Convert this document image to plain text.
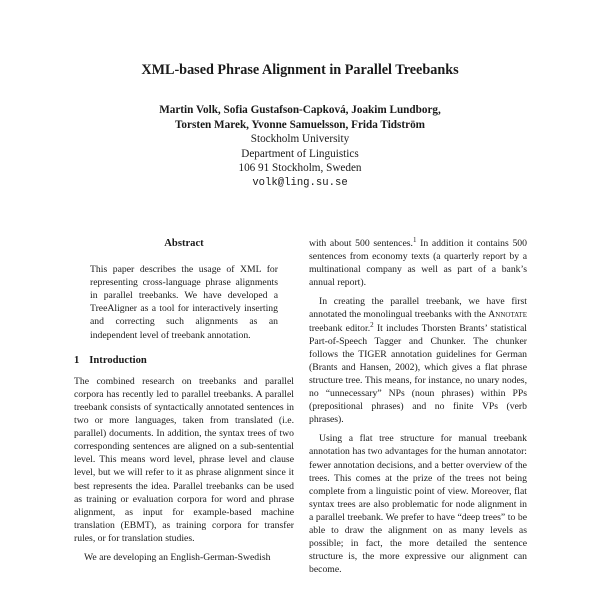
XML-based Phrase Alignment in Parallel Treebanks
Martin Volk, Sofia Gustafson-Capková, Joakim Lundborg,
Torsten Marek, Yvonne Samuelsson, Frida Tidström
Stockholm University
Department of Linguistics
106 91 Stockholm, Sweden
volk@ling.su.se
Abstract

This paper describes the usage of XML for representing cross-language phrase alignments in parallel treebanks. We have developed a TreeAligner as a tool for interactively inserting and correcting such alignments as an independent level of treebank annotation.

1 Introduction

The combined research on treebanks and parallel corpora has recently led to parallel treebanks. A parallel treebank consists of syntactically annotated sentences in two or more languages, taken from translated (i.e. parallel) documents. In addition, the syntax trees of two corresponding sentences are aligned on a sub-sentential level. This means word level, phrase level and clause level, but we will refer to it as phrase alignment since it best represents the idea. Parallel treebanks can be used as training or evaluation corpora for word and phrase alignment, as input for example-based machine translation (EBMT), as training corpora for transfer rules, or for translation studies.

We are developing an English-German-Swedish

with about 500 sentences.$^1$ In addition it contains 500 sentences from economy texts (a quarterly report by a multinational company as well as part of a bank’s annual report).

In creating the parallel treebank, we have first annotated the monolingual treebanks with the Annotate treebank editor.$^2$ It includes Thorsten Brants’ statistical Part-of-Speech Tagger and Chunker. The chunker follows the TIGER annotation guidelines for German (Brants and Hansen, 2002), which gives a flat phrase structure tree. This means, for instance, no unary nodes, no “unnecessary” NPs (noun phrases) within PPs (prepositional phrases) and no finite VPs (verb phrases).

Using a flat tree structure for manual treebank annotation has two advantages for the human annotator: fewer annotation decisions, and a better overview of the trees. This comes at the prize of the trees not being complete from a linguistic point of view. Moreover, flat syntax trees are also problematic for node alignment in a parallel treebank. We prefer to have “deep trees” to be able to draw the alignment on as many levels as possible; in fact, the more detailed the sentence structure is, the more expressive our alignment can become.
